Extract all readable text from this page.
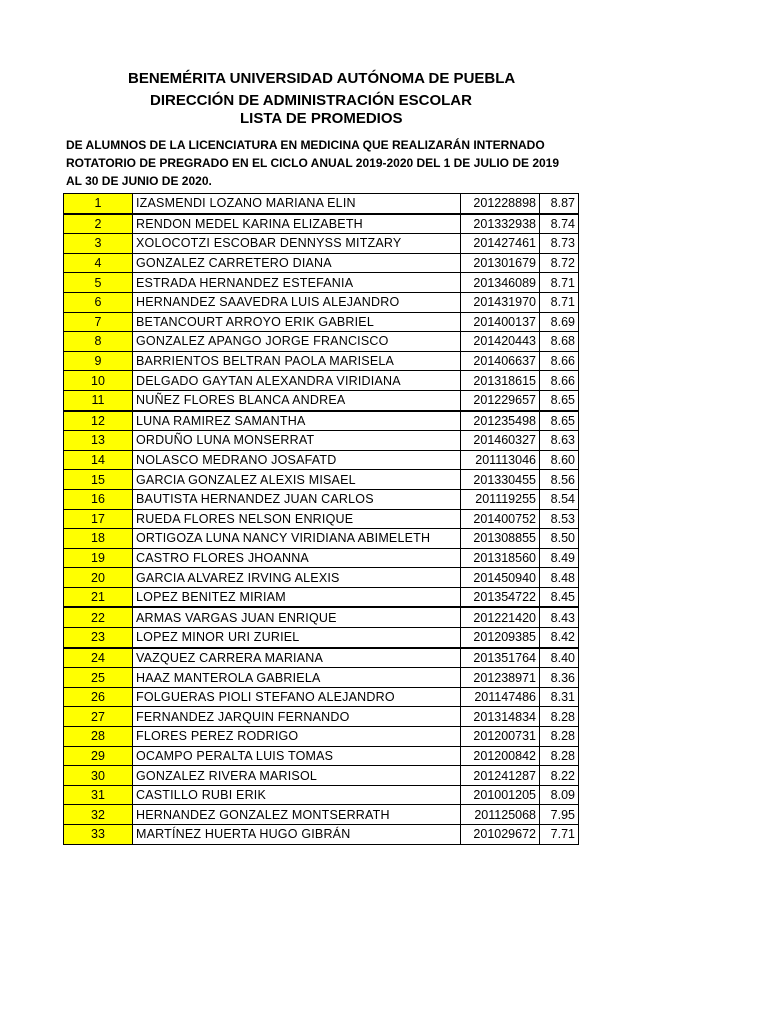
BENEMÉRITA UNIVERSIDAD AUTÓNOMA DE PUEBLA
DIRECCIÓN DE ADMINISTRACIÓN ESCOLAR
LISTA DE PROMEDIOS
DE ALUMNOS DE LA LICENCIATURA EN MEDICINA QUE REALIZARÁN INTERNADO ROTATORIO DE PREGRADO EN EL CICLO ANUAL 2019-2020 DEL 1 DE JULIO DE 2019 AL 30 DE JUNIO DE 2020.
1	IZASMENDI LOZANO MARIANA ELIN	201228898	8.87
2	RENDON MEDEL KARINA ELIZABETH	201332938	8.74
3	XOLOCOTZI ESCOBAR DENNYSS MITZARY	201427461	8.73
4	GONZALEZ CARRETERO DIANA	201301679	8.72
5	ESTRADA HERNANDEZ ESTEFANIA	201346089	8.71
6	HERNANDEZ SAAVEDRA LUIS ALEJANDRO	201431970	8.71
7	BETANCOURT ARROYO ERIK GABRIEL	201400137	8.69
8	GONZALEZ APANGO JORGE FRANCISCO	201420443	8.68
9	BARRIENTOS BELTRAN PAOLA MARISELA	201406637	8.66
10	DELGADO GAYTAN ALEXANDRA VIRIDIANA	201318615	8.66
11	NUÑEZ FLORES BLANCA ANDREA	201229657	8.65
12	LUNA RAMIREZ SAMANTHA	201235498	8.65
13	ORDUÑO LUNA MONSERRAT	201460327	8.63
14	NOLASCO MEDRANO JOSAFATD	201113046	8.60
15	GARCIA GONZALEZ ALEXIS MISAEL	201330455	8.56
16	BAUTISTA HERNANDEZ JUAN CARLOS	201119255	8.54
17	RUEDA FLORES NELSON ENRIQUE	201400752	8.53
18	ORTIGOZA LUNA NANCY VIRIDIANA ABIMELETH	201308855	8.50
19	CASTRO FLORES JHOANNA	201318560	8.49
20	GARCIA ALVAREZ IRVING ALEXIS	201450940	8.48
21	LOPEZ BENITEZ MIRIAM	201354722	8.45
22	ARMAS VARGAS JUAN ENRIQUE	201221420	8.43
23	LOPEZ MINOR URI ZURIEL	201209385	8.42
24	VAZQUEZ CARRERA MARIANA	201351764	8.40
25	HAAZ MANTEROLA GABRIELA	201238971	8.36
26	FOLGUERAS PIOLI STEFANO ALEJANDRO	201147486	8.31
27	FERNANDEZ JARQUIN FERNANDO	201314834	8.28
28	FLORES PEREZ RODRIGO	201200731	8.28
29	OCAMPO PERALTA LUIS TOMAS	201200842	8.28
30	GONZALEZ RIVERA MARISOL	201241287	8.22
31	CASTILLO RUBI ERIK	201001205	8.09
32	HERNANDEZ GONZALEZ MONTSERRATH	201125068	7.95
33	MARTÍNEZ HUERTA HUGO GIBRÁN	201029672	7.71
